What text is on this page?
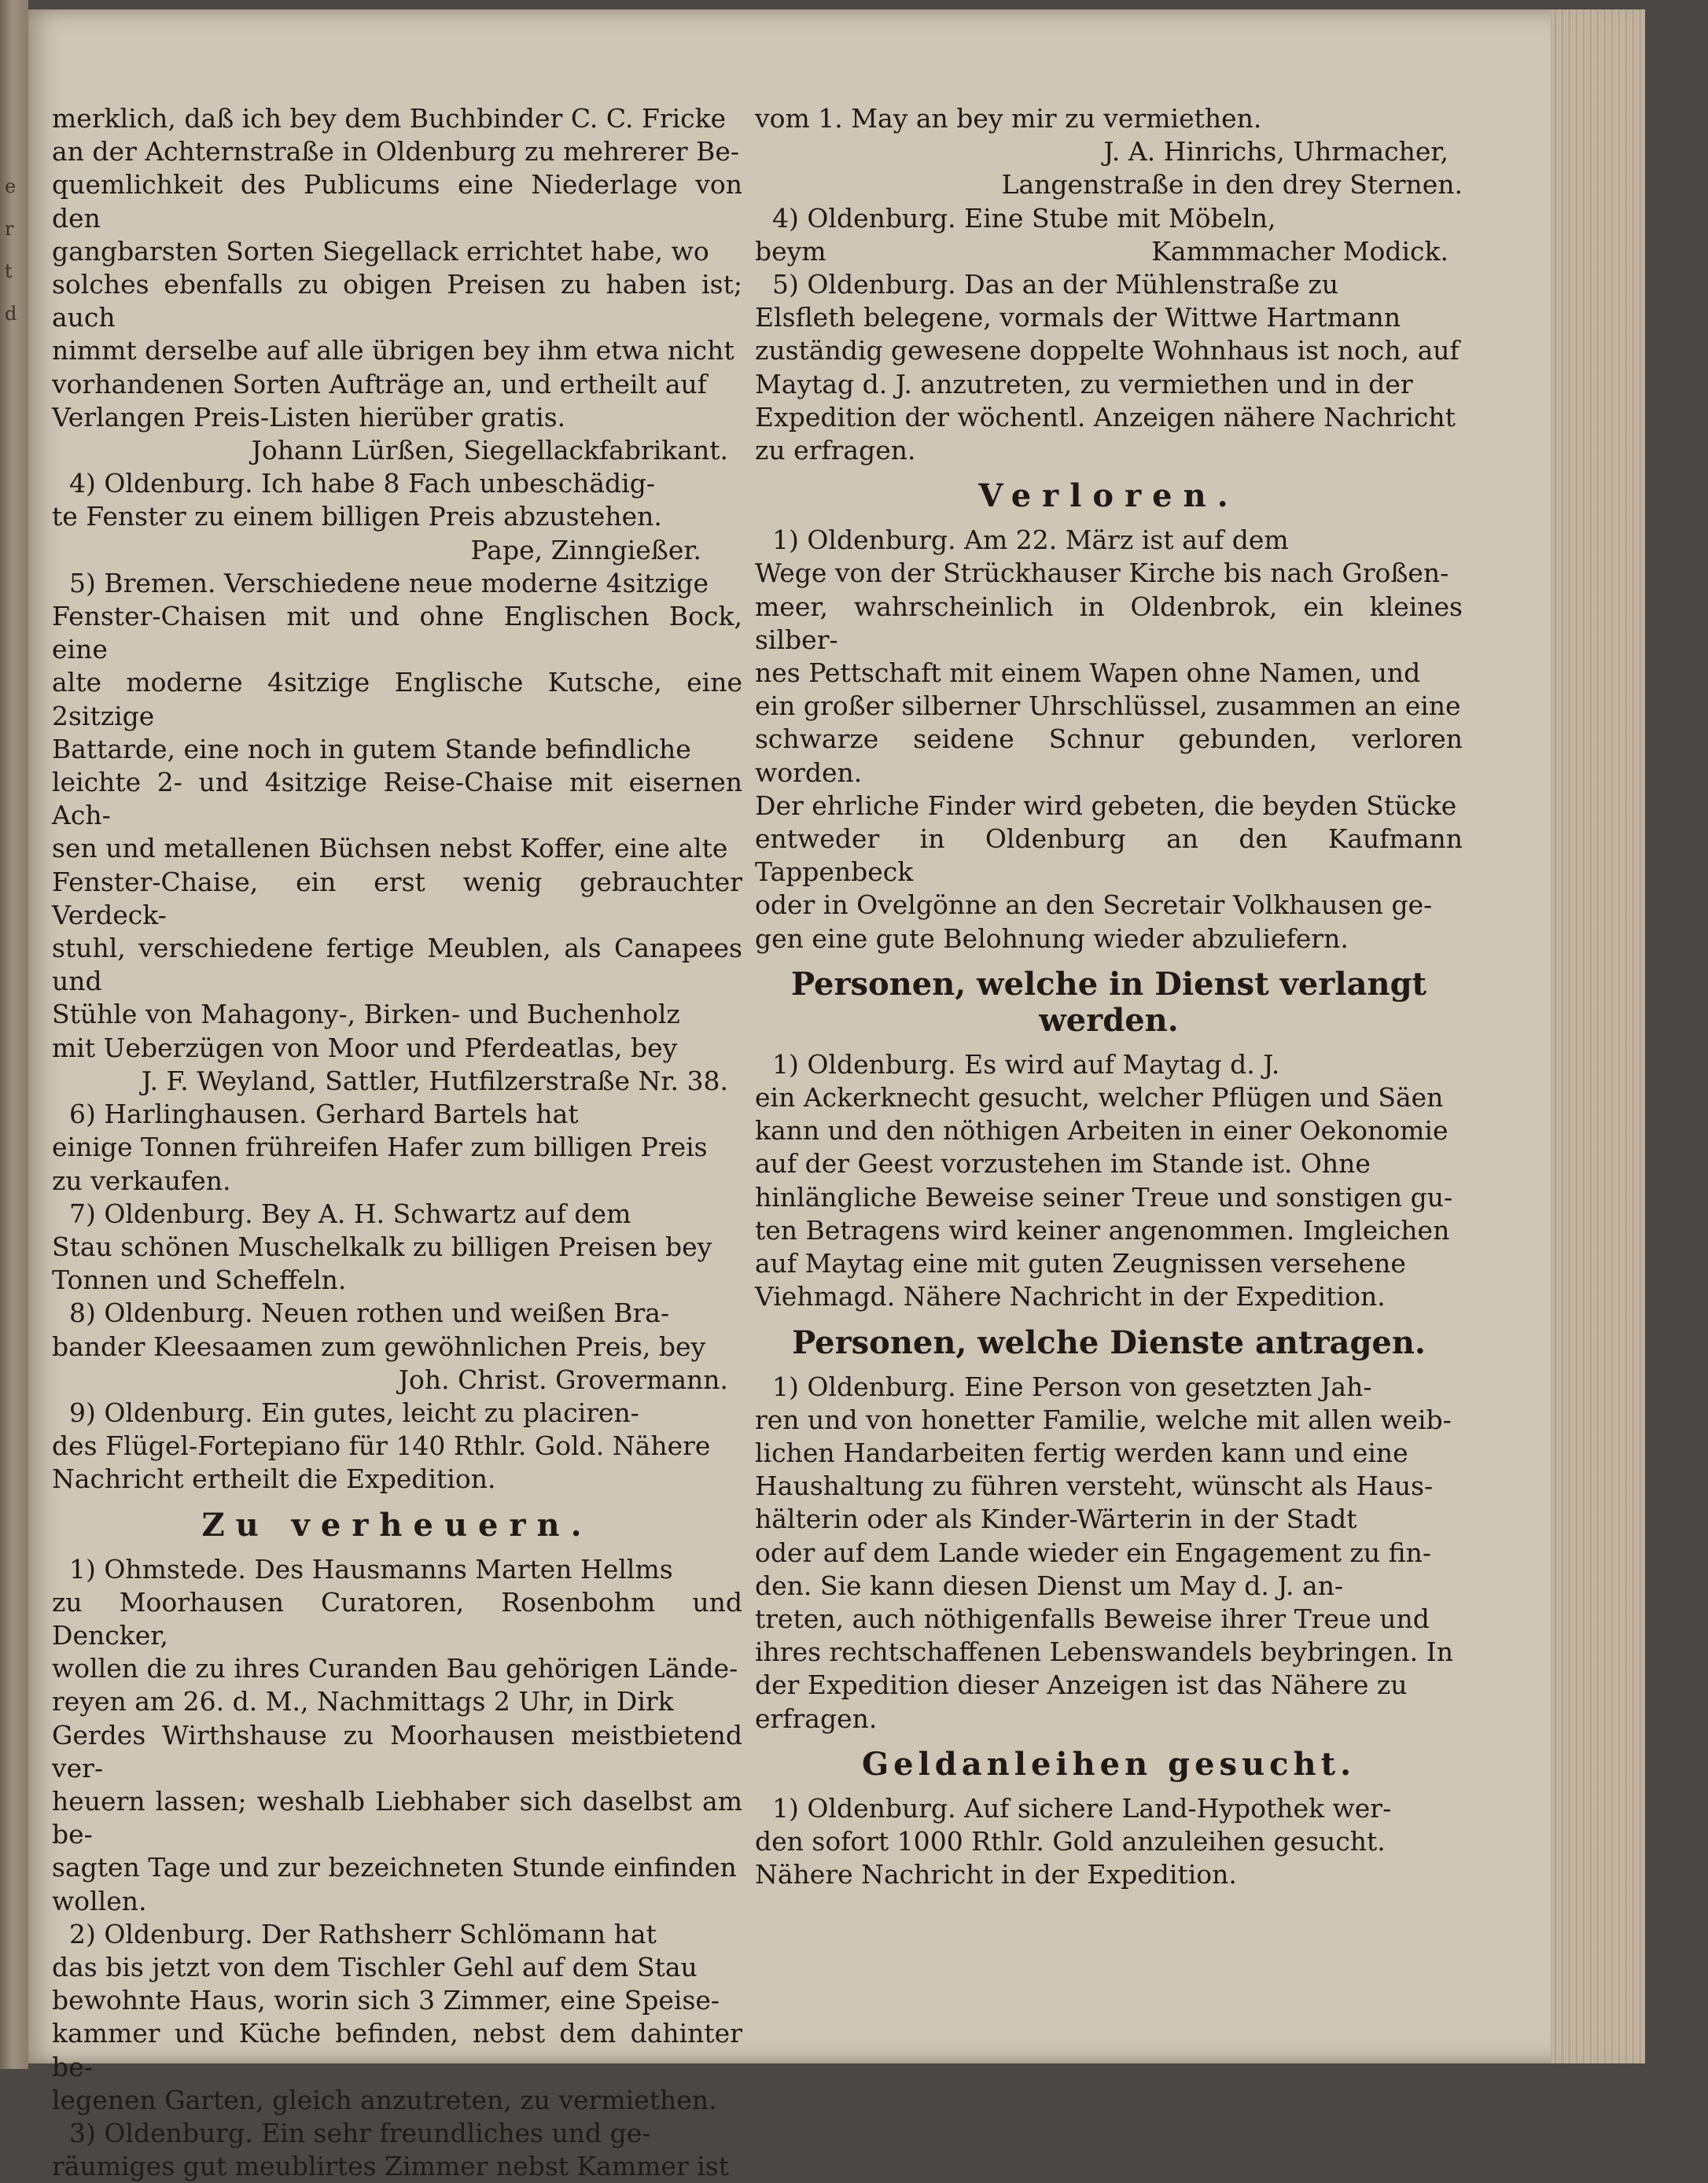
e
r
t
d

merklich, daß ich bey dem Buchbinder C. C. Fricke

an der Achternstraße in Oldenburg zu mehrerer Be-

quemlichkeit des Publicums eine Niederlage von den

gangbarsten Sorten Siegellack errichtet habe, wo

solches ebenfalls zu obigen Preisen zu haben ist; auch

nimmt derselbe auf alle übrigen bey ihm etwa nicht

vorhandenen Sorten Aufträge an, und ertheilt auf

Verlangen Preis-Listen hierüber gratis.

Johann Lürßen, Siegellackfabrikant.

4) Oldenburg. Ich habe 8 Fach unbeschädig-

te Fenster zu einem billigen Preis abzustehen.

Pape, Zinngießer.

5) Bremen. Verschiedene neue moderne 4sitzige

Fenster-Chaisen mit und ohne Englischen Bock, eine

alte moderne 4sitzige Englische Kutsche, eine 2sitzige

Battarde, eine noch in gutem Stande befindliche

leichte 2- und 4sitzige Reise-Chaise mit eisernen Ach-

sen und metallenen Büchsen nebst Koffer, eine alte

Fenster-Chaise, ein erst wenig gebrauchter Verdeck-

stuhl, verschiedene fertige Meublen, als Canapees und

Stühle von Mahagony-, Birken- und Buchenholz

mit Ueberzügen von Moor und Pferdeatlas, bey

J. F. Weyland, Sattler, Hutfilzerstraße Nr. 38.

6) Harlinghausen. Gerhard Bartels hat

einige Tonnen frühreifen Hafer zum billigen Preis

zu verkaufen.

7) Oldenburg. Bey A. H. Schwartz auf dem

Stau schönen Muschelkalk zu billigen Preisen bey

Tonnen und Scheffeln.

8) Oldenburg. Neuen rothen und weißen Bra-

bander Kleesaamen zum gewöhnlichen Preis, bey

Joh. Christ. Grovermann.

9) Oldenburg. Ein gutes, leicht zu placiren-

des Flügel-Fortepiano für 140 Rthlr. Gold. Nähere

Nachricht ertheilt die Expedition.

Zu verheuern.

1) Ohmstede. Des Hausmanns Marten Hellms

zu Moorhausen Curatoren, Rosenbohm und Dencker,

wollen die zu ihres Curanden Bau gehörigen Lände-

reyen am 26. d. M., Nachmittags 2 Uhr, in Dirk

Gerdes Wirthshause zu Moorhausen meistbietend ver-

heuern lassen; weshalb Liebhaber sich daselbst am be-

sagten Tage und zur bezeichneten Stunde einfinden

wollen.

2) Oldenburg. Der Rathsherr Schlömann hat

das bis jetzt von dem Tischler Gehl auf dem Stau

bewohnte Haus, worin sich 3 Zimmer, eine Speise-

kammer und Küche befinden, nebst dem dahinter be-

legenen Garten, gleich anzutreten, zu vermiethen.

3) Oldenburg. Ein sehr freundliches und ge-

räumiges gut meublirtes Zimmer nebst Kammer ist

vom 1. May an bey mir zu vermiethen.

J. A. Hinrichs, Uhrmacher,

Langenstraße in den drey Sternen.

4) Oldenburg. Eine Stube mit Möbeln,

beym	Kammmacher Modick.

5) Oldenburg. Das an der Mühlenstraße zu

Elsfleth belegene, vormals der Wittwe Hartmann

zuständig gewesene doppelte Wohnhaus ist noch, auf

Maytag d. J. anzutreten, zu vermiethen und in der

Expedition der wöchentl. Anzeigen nähere Nachricht

zu erfragen.

Verloren.

1) Oldenburg. Am 22. März ist auf dem

Wege von der Strückhauser Kirche bis nach Großen-

meer, wahrscheinlich in Oldenbrok, ein kleines silber-

nes Pettschaft mit einem Wapen ohne Namen, und

ein großer silberner Uhrschlüssel, zusammen an eine

schwarze seidene Schnur gebunden, verloren worden.

Der ehrliche Finder wird gebeten, die beyden Stücke

entweder in Oldenburg an den Kaufmann Tappenbeck

oder in Ovelgönne an den Secretair Volkhausen ge-

gen eine gute Belohnung wieder abzuliefern.

Personen, welche in Dienst verlangt werden.

1) Oldenburg. Es wird auf Maytag d. J.

ein Ackerknecht gesucht, welcher Pflügen und Säen

kann und den nöthigen Arbeiten in einer Oekonomie

auf der Geest vorzustehen im Stande ist. Ohne

hinlängliche Beweise seiner Treue und sonstigen gu-

ten Betragens wird keiner angenommen. Imgleichen

auf Maytag eine mit guten Zeugnissen versehene

Viehmagd. Nähere Nachricht in der Expedition.

Personen, welche Dienste antragen.

1) Oldenburg. Eine Person von gesetzten Jah-

ren und von honetter Familie, welche mit allen weib-

lichen Handarbeiten fertig werden kann und eine

Haushaltung zu führen versteht, wünscht als Haus-

hälterin oder als Kinder-Wärterin in der Stadt

oder auf dem Lande wieder ein Engagement zu fin-

den. Sie kann diesen Dienst um May d. J. an-

treten, auch nöthigenfalls Beweise ihrer Treue und

ihres rechtschaffenen Lebenswandels beybringen. In

der Expedition dieser Anzeigen ist das Nähere zu

erfragen.

Geldanleihen gesucht.

1) Oldenburg. Auf sichere Land-Hypothek wer-

den sofort 1000 Rthlr. Gold anzuleihen gesucht.

Nähere Nachricht in der Expedition.
